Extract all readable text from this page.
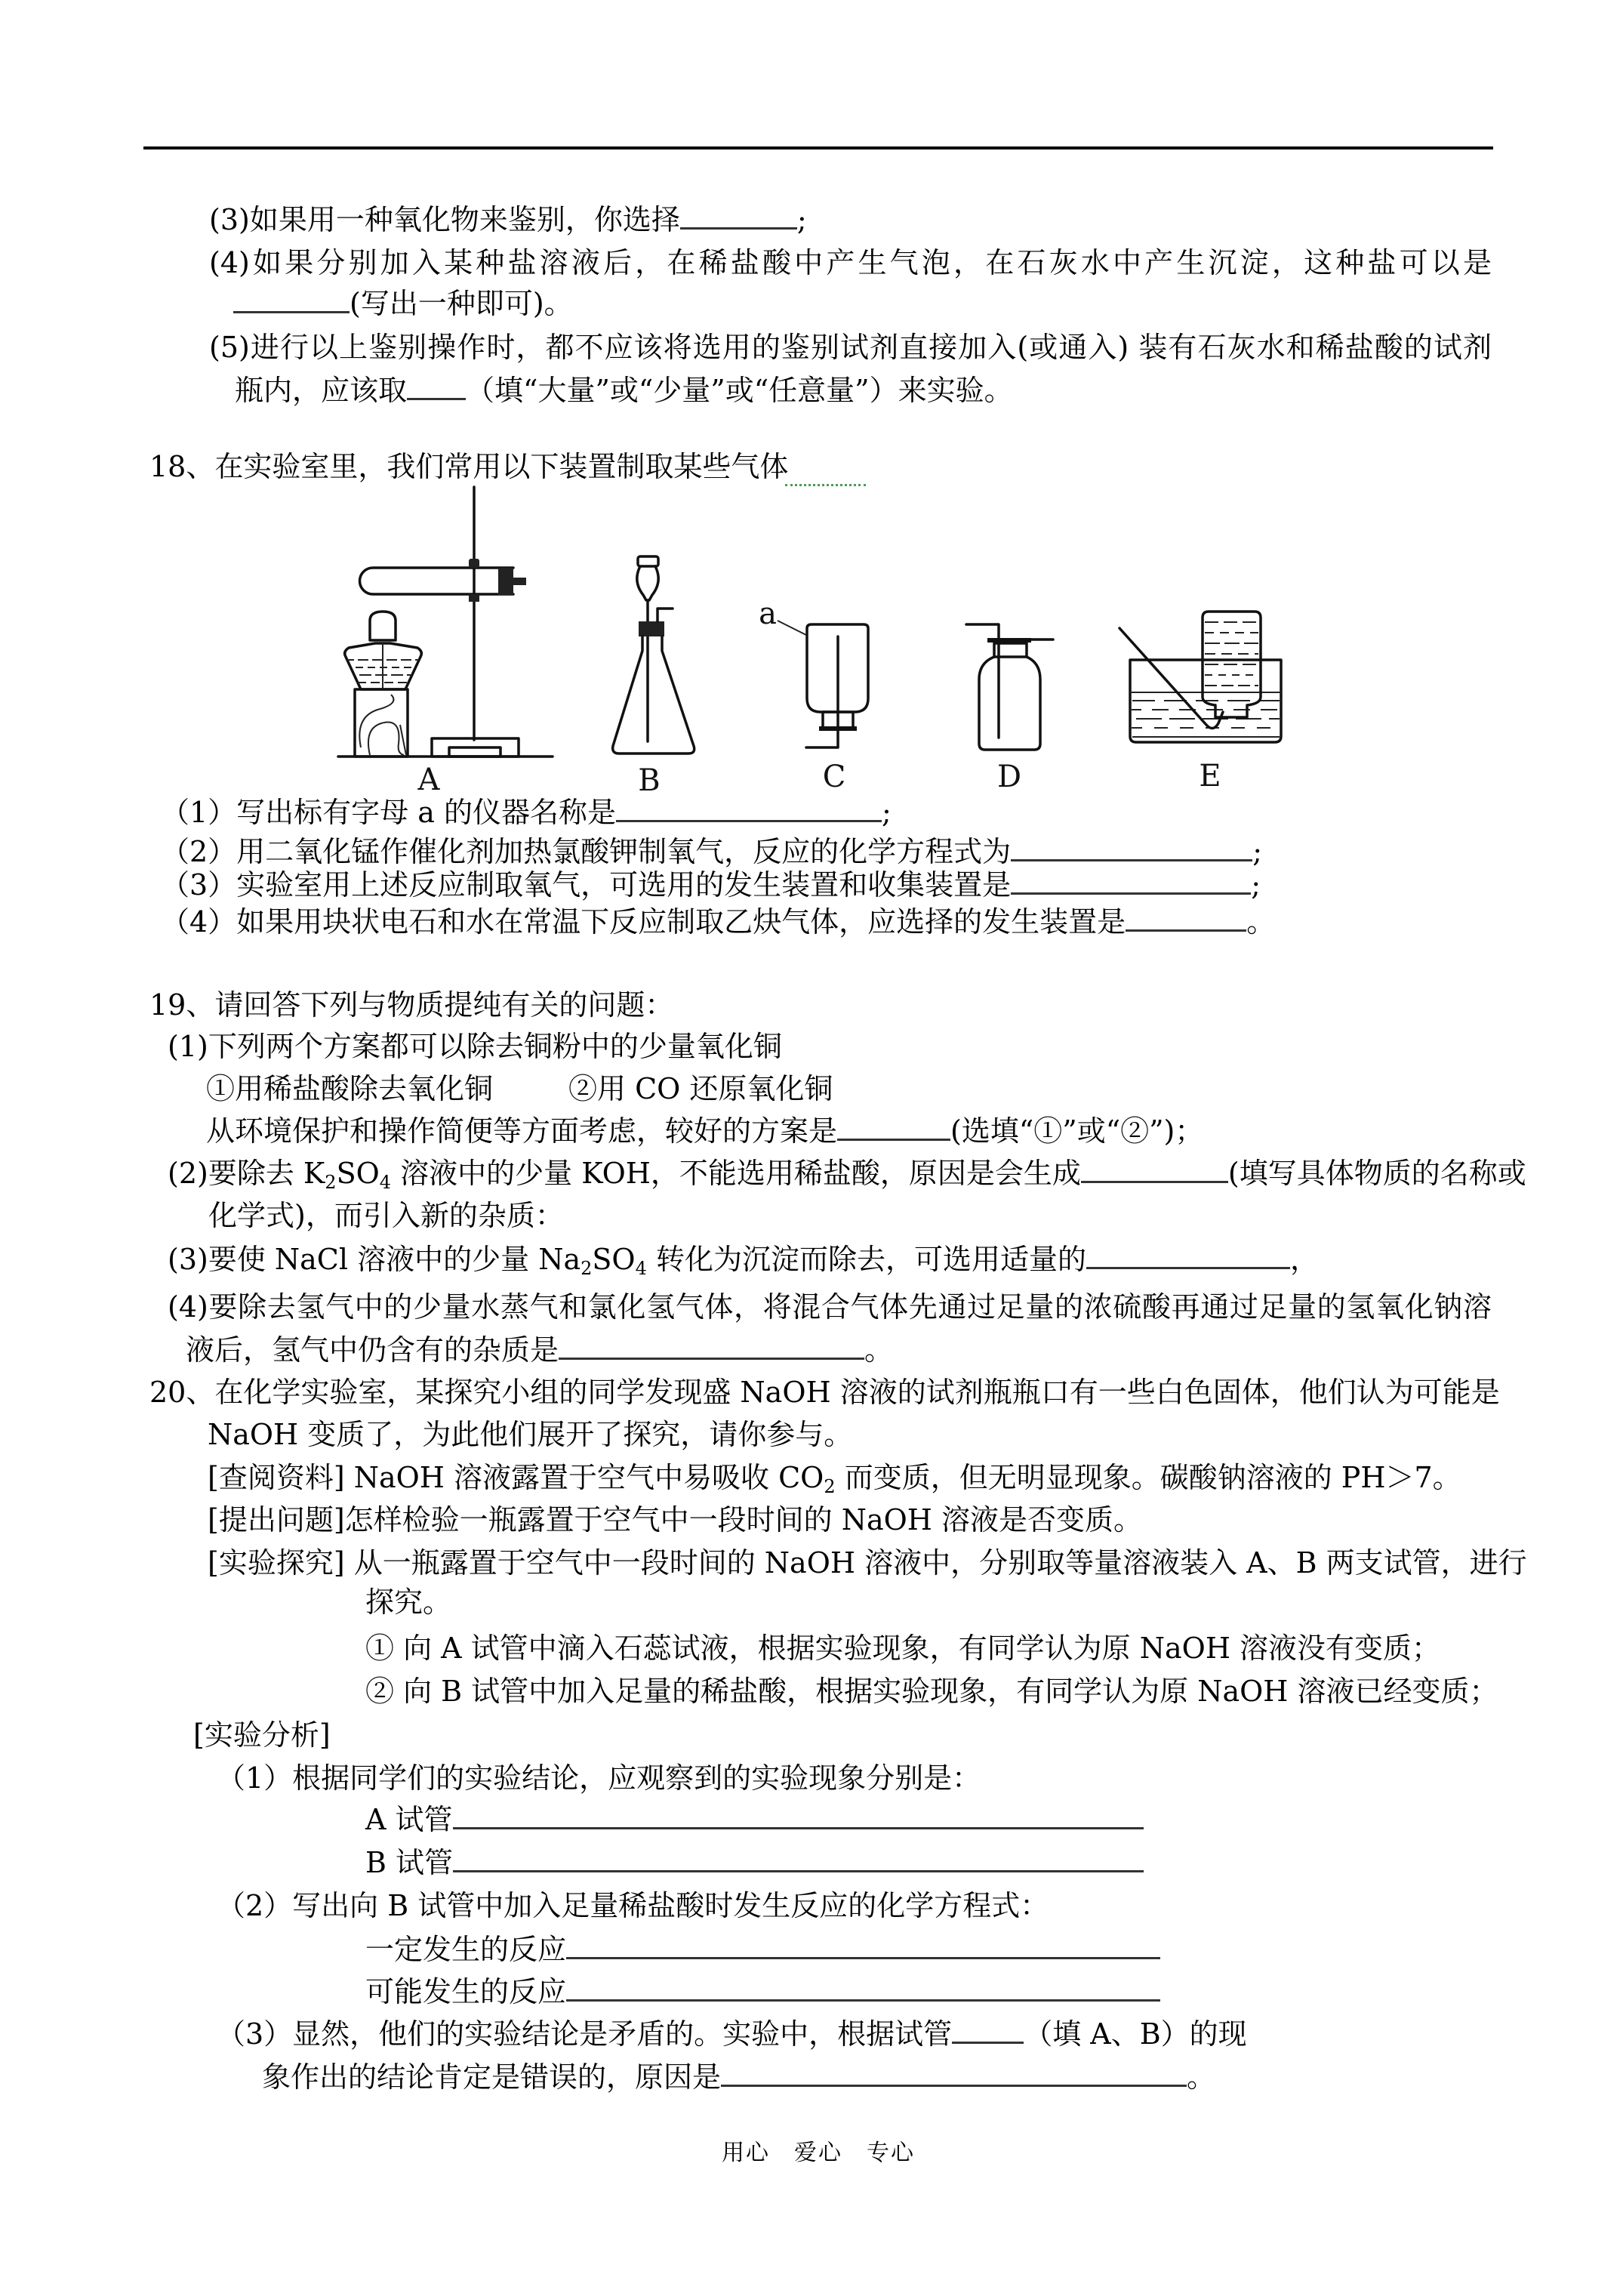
(3)如果用一种氧化物来鉴别，你选择	;
(4)如果分别加入某种盐溶液后，在稀盐酸中产生气泡，在石灰水中产生沉淀，这种盐可以是
(写出一种即可)。
(5)进行以上鉴别操作时，都不应该将选用的鉴别试剂直接加入(或通入) 装有石灰水和稀盐酸的试剂
瓶内，应该取 （填“大量”或“少量”或“任意量”）来实验。
18、在实验室里，我们常用以下装置制取某些气体
A	B
a
C	D	E
（1）写出标有字母 a 的仪器名称是	;
（2）用二氧化锰作催化剂加热氯酸钾制氧气，反应的化学方程式为	;
（3）实验室用上述反应制取氧气，可选用的发生装置和收集装置是	;
（4）如果用块状电石和水在常温下反应制取乙炔气体，应选择的发生装置是	。
19、请回答下列与物质提纯有关的问题：
(1)下列两个方案都可以除去铜粉中的少量氧化铜
①用稀盐酸除去氧化铜	②用 CO 还原氧化铜
从环境保护和操作简便等方面考虑，较好的方案是	(选填“①”或“②”)；
(2)要除去 $K_2SO_4$ 溶液中的少量 KOH，不能选用稀盐酸，原因是会生成	(填写具体物质的名称或
化学式)，而引入新的杂质：
(3)要使 NaCl 溶液中的少量 $Na_2SO_4$ 转化为沉淀而除去，可选用适量的	，
(4)要除去氢气中的少量水蒸气和氯化氢气体，将混合气体先通过足量的浓硫酸再通过足量的氢氧化钠溶
液后，氢气中仍含有的杂质是	。
20、在化学实验室，某探究小组的同学发现盛 NaOH 溶液的试剂瓶瓶口有一些白色固体，他们认为可能是
NaOH 变质了，为此他们展开了探究，请你参与。
[查阅资料] NaOH 溶液露置于空气中易吸收 $CO_2$ 而变质，但无明显现象。碳酸钠溶液的 PH＞7。
[提出问题]怎样检验一瓶露置于空气中一段时间的 NaOH 溶液是否变质。
[实验探究] 从一瓶露置于空气中一段时间的 NaOH 溶液中，分别取等量溶液装入 A、B 两支试管，进行
探究。
① 向 A 试管中滴入石蕊试液，根据实验现象，有同学认为原 NaOH 溶液没有变质；
② 向 B 试管中加入足量的稀盐酸，根据实验现象，有同学认为原 NaOH 溶液已经变质；
[实验分析]
（1）根据同学们的实验结论，应观察到的实验现象分别是：
A 试管
B 试管
（2）写出向 B 试管中加入足量稀盐酸时发生反应的化学方程式：
一定发生的反应
可能发生的反应
（3）显然，他们的实验结论是矛盾的。实验中，根据试管	（填 A、B）的现
象作出的结论肯定是错误的，原因是	。
用心　爱心　专心
